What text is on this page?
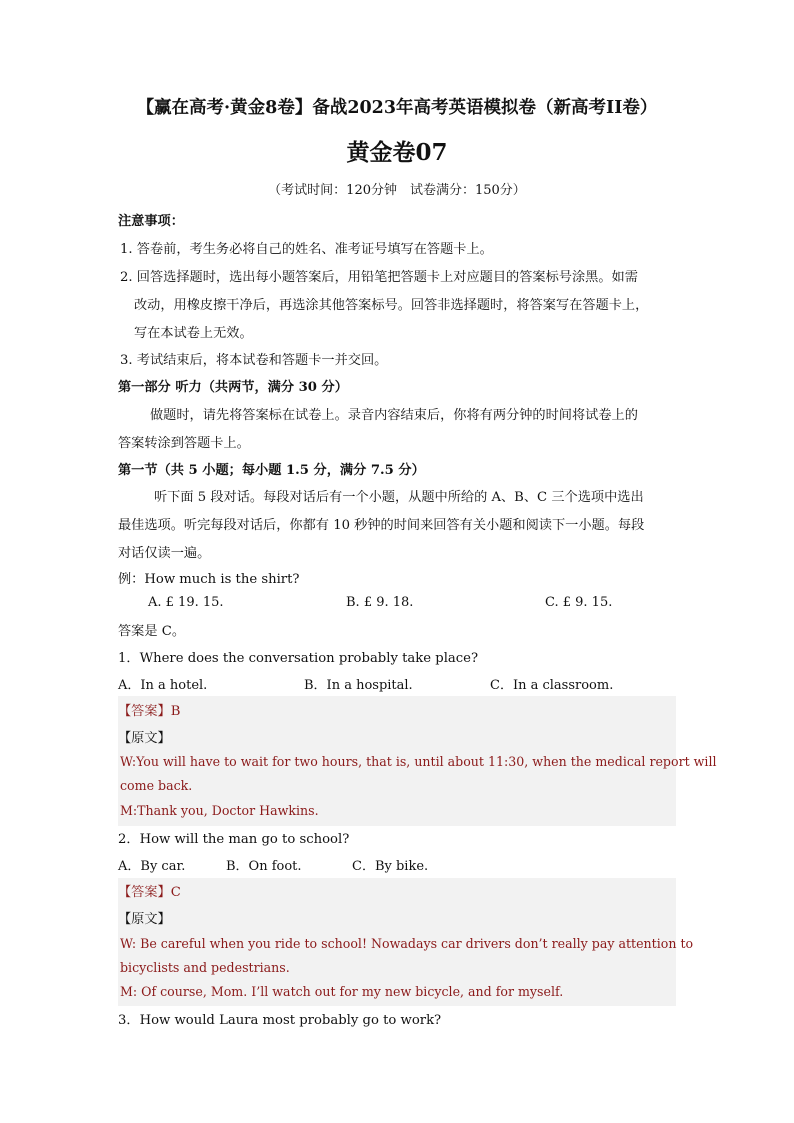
【赢在高考·黄金8卷】备战2023年高考英语模拟卷（新高考II卷）
黄金卷07
（考试时间：120分钟　试卷满分：150分）
注意事项：
1. 答卷前，考生务必将自己的姓名、准考证号填写在答题卡上。
2. 回答选择题时，选出每小题答案后，用铅笔把答题卡上对应题目的答案标号涂黑。如需
改动，用橡皮擦干净后，再选涂其他答案标号。回答非选择题时，将答案写在答题卡上，
写在本试卷上无效。
3. 考试结束后，将本试卷和答题卡一并交回。
第一部分 听力（共两节，满分 30 分）
做题时，请先将答案标在试卷上。录音内容结束后，你将有两分钟的时间将试卷上的
答案转涂到答题卡上。
第一节（共 5 小题；每小题 1.5 分，满分 7.5 分）
听下面 5 段对话。每段对话后有一个小题，从题中所给的 A、B、C 三个选项中选出
最佳选项。听完每段对话后，你都有 10 秒钟的时间来回答有关小题和阅读下一小题。每段
对话仅读一遍。
例：How much is the shirt?
A. £ 19. 15.	B. £ 9. 18.	C. £ 9. 15.
答案是 C。
1．Where does the conversation probably take place?
A．In a hotel.	B．In a hospital.	C．In a classroom.
【答案】B
【原文】
W:You will have to wait for two hours, that is, until about 11:30, when the medical report will
come back.
M:Thank you, Doctor Hawkins.
2．How will the man go to school?
A．By car.	B．On foot.	C．By bike.
【答案】C
【原文】
W: Be careful when you ride to school! Nowadays car drivers don’t really pay attention to
bicyclists and pedestrians.
M: Of course, Mom. I’ll watch out for my new bicycle, and for myself.
3．How would Laura most probably go to work?
